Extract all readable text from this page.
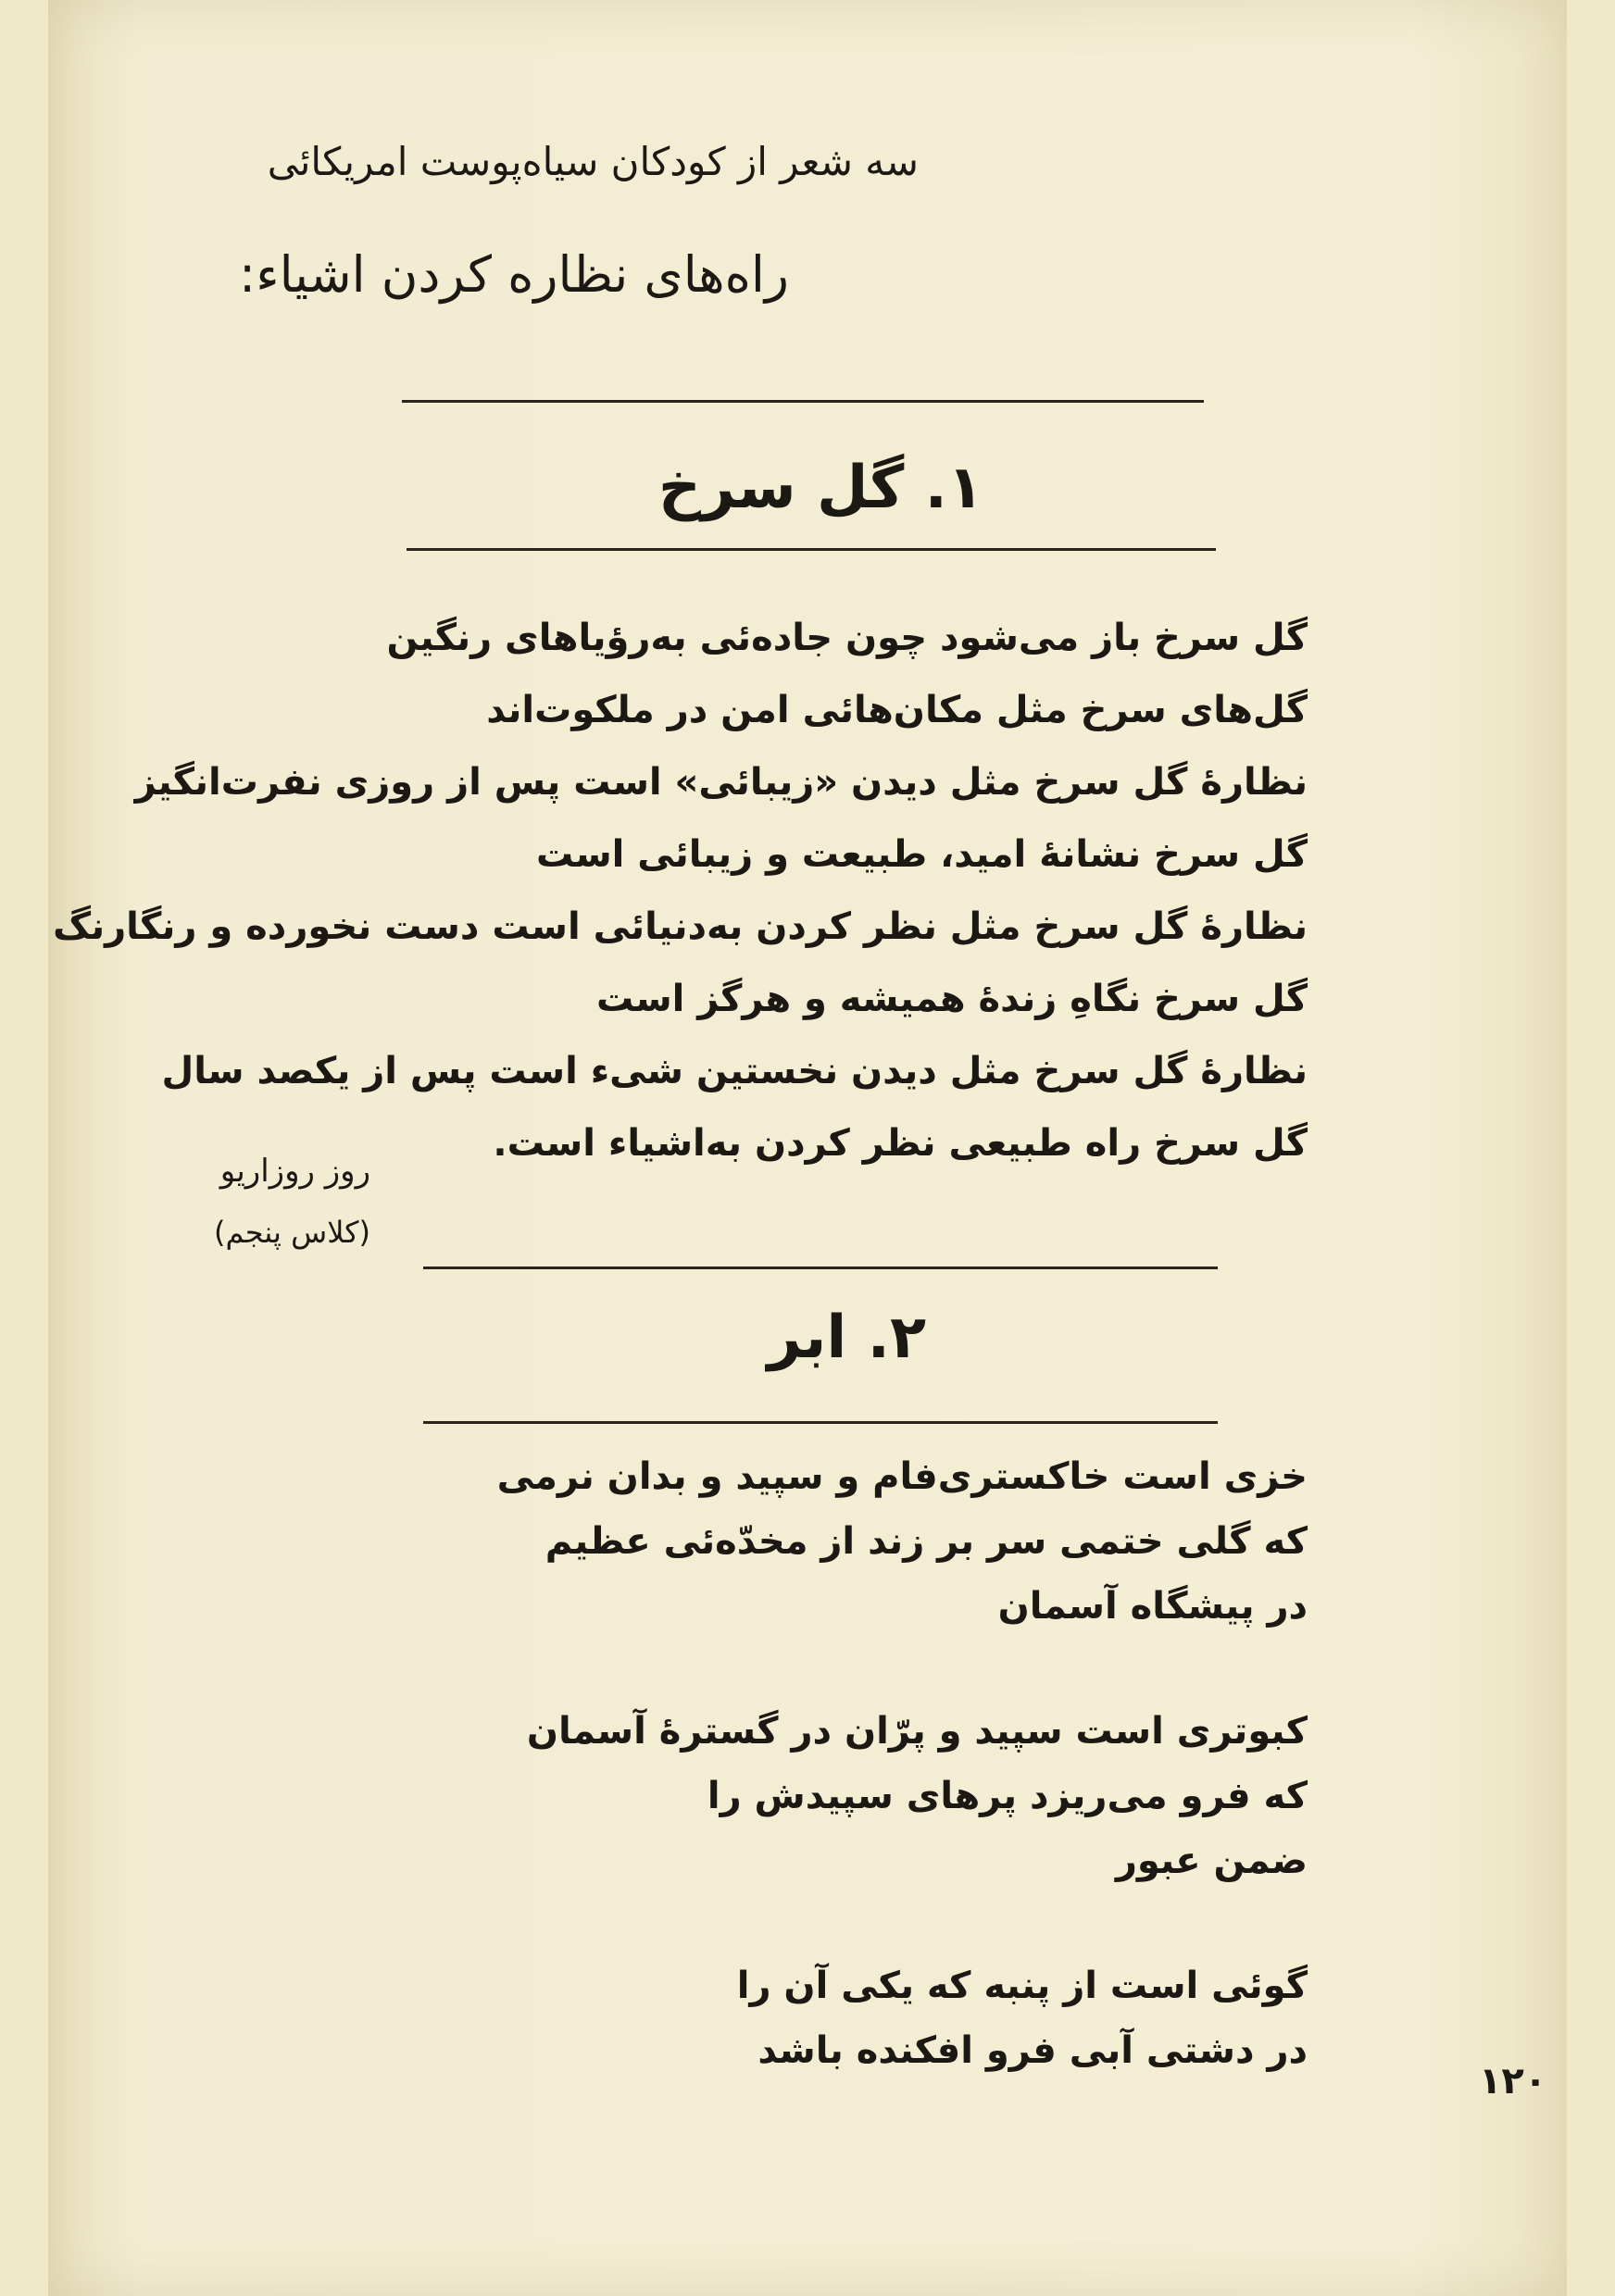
سه شعر از کودکان سیاه‌پوست امریکائی

راه‌های نظاره کردن اشیاء:

۱. گل سرخ

گل سرخ باز می‌شود چون جاده‌ئی به‌رؤیاهای رنگین
گل‌های سرخ مثل مکان‌هائی امن در ملکوت‌اند
نظارهٔ گل سرخ مثل دیدن «زیبائی» است پس از روزی نفرت‌انگیز
گل سرخ نشانهٔ امید، طبیعت و زیبائی است
نظارهٔ گل سرخ مثل نظر کردن به‌دنیائی است دست نخورده و رنگارنگ
گل سرخ نگاهِ زندهٔ همیشه و هرگز است
نظارهٔ گل سرخ مثل دیدن نخستین شیء است پس از یکصد سال
گل سرخ راه طبیعی نظر کردن به‌اشیاء است.

روز روزاریو

(کلاس پنجم)

۲. ابر

خزی است خاکستری‌فام و سپید و بدان نرمی
که گلی ختمی سر بر زند از مخدّه‌ئی عظیم
در پیشگاه آسمان
کبوتری است سپید و پرّان در گسترهٔ آسمان
که فرو می‌ریزد پرهای سپیدش را
ضمن عبور
گوئی است از پنبه که یکی آن را
در دشتی آبی فرو افکنده باشد

۱۲۰
